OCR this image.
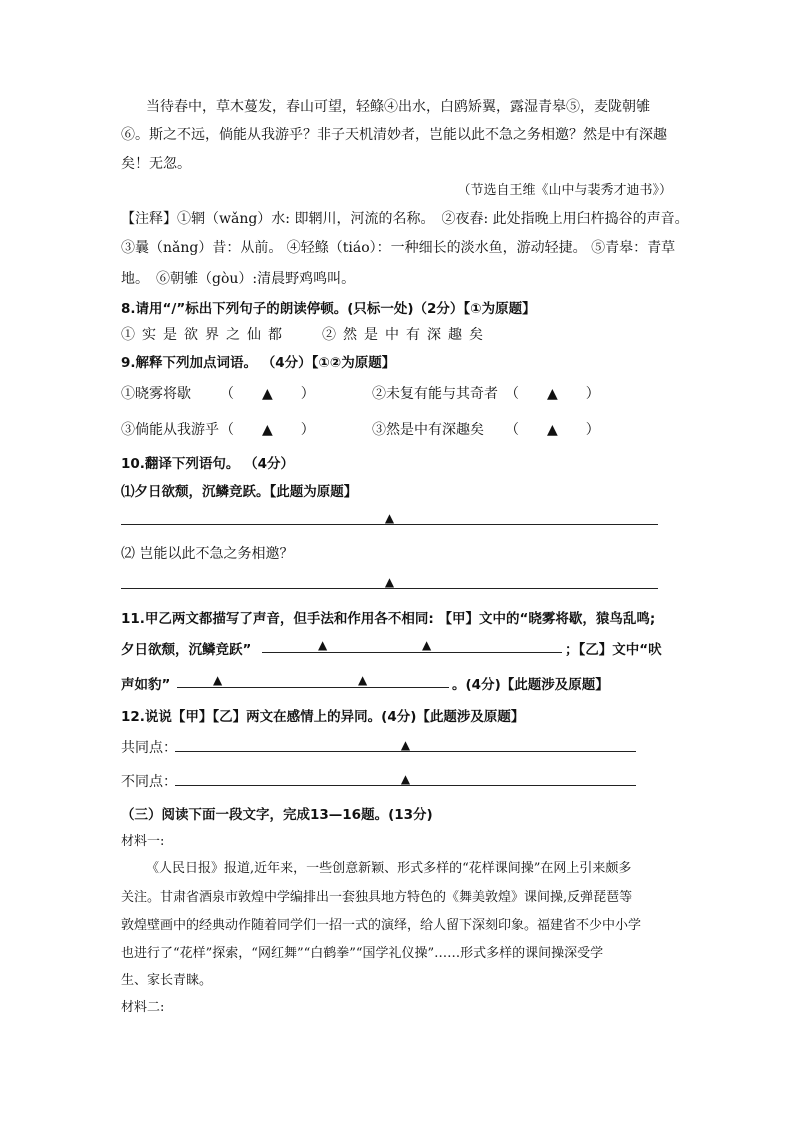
当待春中，草木蔓发，春山可望，轻鲦④出水，白鸥矫翼，露湿青皋⑤，麦陇朝雊
⑥。斯之不远，倘能从我游乎？非子天机清妙者，岂能以此不急之务相邀？然是中有深趣
矣！无忽。
（节选自王维《山中与裴秀才迪书》）
【注释】①辋（wǎng）水: 即辋川，河流的名称。　②夜舂: 此处指晚上用臼杵捣谷的声音。
③曩（nǎng）昔：从前。 ④轻鲦（tiáo）：一种细长的淡水鱼，游动轻捷。 ⑤青皋：青草
地。　⑥朝雊（gòu）:清晨野鸡鸣叫。
8.请用“/”标出下列句子的朗读停顿。(只标一处)（2分）【①为原题】
①实是欲界之仙都 ②然是中有深趣矣
9.解释下列加点词语。 （4分）【①②为原题】
①晓雾将歇 （　　▲　　）	②未复有能与其奇者 （　　▲　　）
③倘能从我游乎 （　　▲　　）	③然是中有深趣矣 （　　▲　　）
10.翻译下列语句。 （4分）
⑴夕日欲颓，沉鳞竞跃。【此题为原题】
▲
⑵ 岂能以此不急之务相邀？
▲
11.甲乙两文都描写了声音，但手法和作用各不相同: 【甲】文中的“晓雾将歇，猿鸟乱鸣;
夕日欲颓，沉鳞竞跃”	▲	▲	；【乙】文中“吠
声如豹”	▲	▲	。(4分)【此题涉及原题】
12.说说【甲】【乙】两文在感情上的异同。(4分)【此题涉及原题】
共同点：	▲
不同点：	▲
（三）阅读下面一段文字，完成13—16题。(13分)
材料一:
《人民日报》报道,近年来，一些创意新颖、形式多样的“花样课间操”在网上引来颇多
关注。甘肃省酒泉市敦煌中学编排出一套独具地方特色的《舞美敦煌》课间操,反弹琵琶等
敦煌壁画中的经典动作随着同学们一招一式的演绎，给人留下深刻印象。福建省不少中小学
也进行了“花样”探索，“网红舞”“白鹤拳”“国学礼仪操”……形式多样的课间操深受学
生、家长青睐。
材料二:
